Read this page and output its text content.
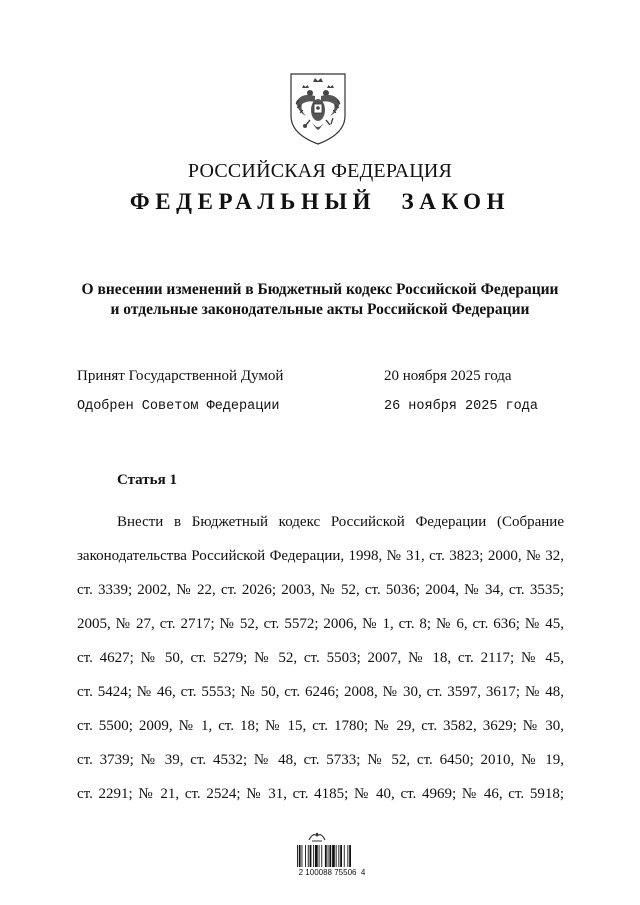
РОССИЙСКАЯ ФЕДЕРАЦИЯ
ФЕДЕРАЛЬНЫЙ ЗАКОН
О внесении изменений в Бюджетный кодекс Российской Федерации
и отдельные законодательные акты Российской Федерации
Принят Государственной Думой	20 ноября 2025 года
Одобрен Советом Федерации	26 ноября 2025 года
Статья 1
Внести в Бюджетный кодекс Российской Федерации (Собрание
законодательства Российской Федерации, 1998, № 31, ст. 3823; 2000, № 32,
ст. 3339; 2002, № 22, ст. 2026; 2003, № 52, ст. 5036; 2004, № 34, ст. 3535;
2005, № 27, ст. 2717; № 52, ст. 5572; 2006, № 1, ст. 8; № 6, ст. 636; № 45,
ст. 4627; № 50, ст. 5279; № 52, ст. 5503; 2007, № 18, ст. 2117; № 45,
ст. 5424; № 46, ст. 5553; № 50, ст. 6246; 2008, № 30, ст. 3597, 3617; № 48,
ст. 5500; 2009, № 1, ст. 18; № 15, ст. 1780; № 29, ст. 3582, 3629; № 30,
ст. 3739; № 39, ст. 4532; № 48, ст. 5733; № 52, ст. 6450; 2010, № 19,
ст. 2291; № 21, ст. 2524; № 31, ст. 4185; № 40, ст. 4969; № 46, ст. 5918;
2 100088 75506  4
